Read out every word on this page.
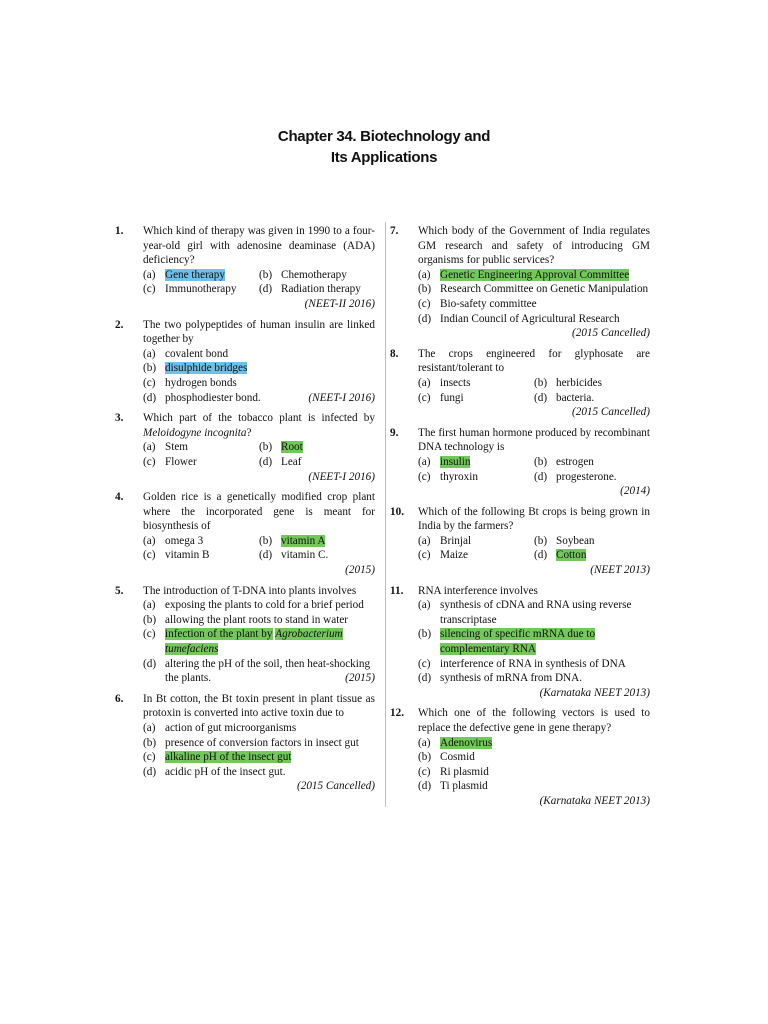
Chapter 34. Biotechnology and
Its Applications
1. Which kind of therapy was given in 1990 to a four-year-old girl with adenosine deaminase (ADA) deficiency?
(a) Gene therapy	(b) Chemotherapy
(c) Immunotherapy	(d) Radiation therapy
(NEET-II 2016)
2. The two polypeptides of human insulin are linked together by
(a) covalent bond
(b) disulphide bridges
(c) hydrogen bonds
(d) phosphodiester bond.	(NEET-I 2016)
3. Which part of the tobacco plant is infected by Meloidogyne incognita?
(a) Stem	(b) Root
(c) Flower	(d) Leaf
(NEET-I 2016)
4. Golden rice is a genetically modified crop plant where the incorporated gene is meant for biosynthesis of
(a) omega 3	(b) vitamin A
(c) vitamin B	(d) vitamin C.
(2015)
5. The introduction of T-DNA into plants involves
(a) exposing the plants to cold for a brief period
(b) allowing the plant roots to stand in water
(c) infection of the plant by Agrobacterium tumefaciens
(d) altering the pH of the soil, then heat-shocking the plants.	(2015)
6. In Bt cotton, the Bt toxin present in plant tissue as protoxin is converted into active toxin due to
(a) action of gut microorganisms
(b) presence of conversion factors in insect gut
(c) alkaline pH of the insect gut
(d) acidic pH of the insect gut.
(2015 Cancelled)
7. Which body of the Government of India regulates GM research and safety of introducing GM organisms for public services?
(a) Genetic Engineering Approval Committee
(b) Research Committee on Genetic Manipulation
(c) Bio-safety committee
(d) Indian Council of Agricultural Research
(2015 Cancelled)
8. The crops engineered for glyphosate are resistant/tolerant to
(a) insects	(b) herbicides
(c) fungi	(d) bacteria.
(2015 Cancelled)
9. The first human hormone produced by recombinant DNA technology is
(a) insulin	(b) estrogen
(c) thyroxin	(d) progesterone.
(2014)
10. Which of the following Bt crops is being grown in India by the farmers?
(a) Brinjal	(b) Soybean
(c) Maize	(d) Cotton
(NEET 2013)
11. RNA interference involves
(a) synthesis of cDNA and RNA using reverse transcriptase
(b) silencing of specific mRNA due to complementary RNA
(c) interference of RNA in synthesis of DNA
(d) synthesis of mRNA from DNA.
(Karnataka NEET 2013)
12. Which one of the following vectors is used to replace the defective gene in gene therapy?
(a) Adenovirus
(b) Cosmid
(c) Ri plasmid
(d) Ti plasmid
(Karnataka NEET 2013)
